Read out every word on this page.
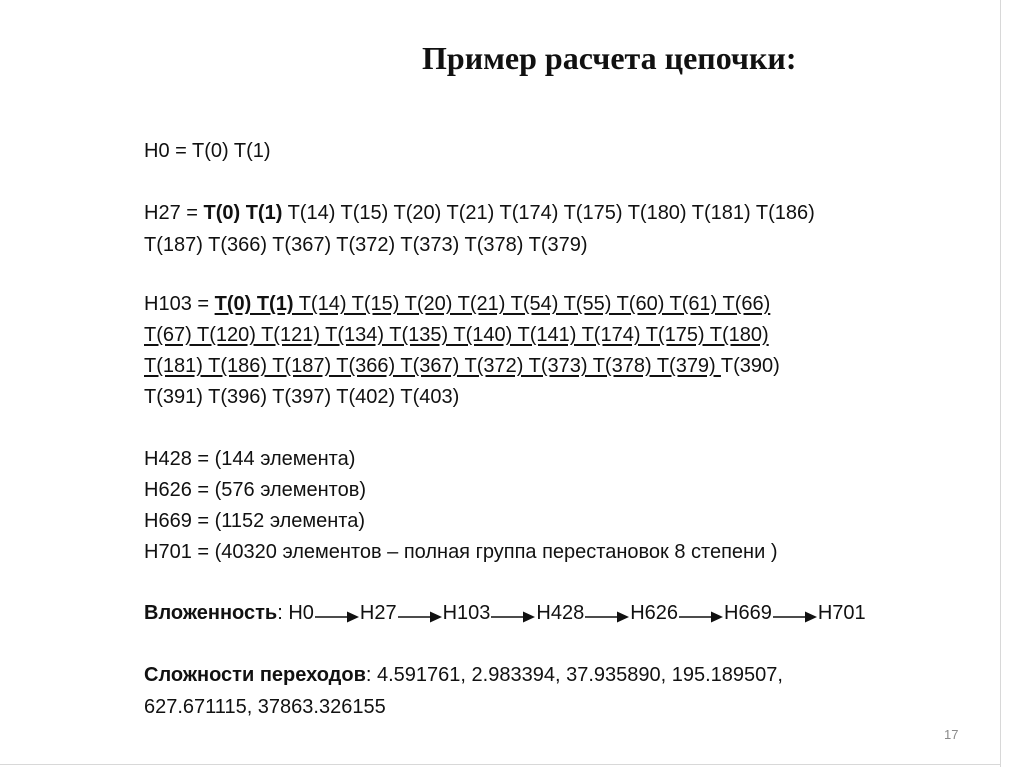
Пример расчета цепочки:
H0 = T(0) T(1)
H27 = T(0) T(1) T(14) T(15) T(20) T(21) T(174) T(175) T(180) T(181) T(186)
T(187) T(366) T(367) T(372) T(373) T(378) T(379)
H103 = T(0) T(1) T(14) T(15) T(20) T(21) T(54) T(55) T(60) T(61) T(66)
T(67) T(120) T(121) T(134) T(135) T(140) T(141) T(174) T(175) T(180)
T(181) T(186) T(187) T(366) T(367) T(372) T(373) T(378) T(379) T(390)
T(391) T(396) T(397) T(402) T(403)
H428 = (144 элемента)
H626 = (576 элементов)
H669 = (1152 элемента)
H701 = (40320 элементов – полная группа перестановок 8 степени )
Вложенность : H0 H27 H103 H428 H626 H669 H701
Сложности переходов: 4.591761, 2.983394, 37.935890, 195.189507,
627.671115, 37863.326155
17
